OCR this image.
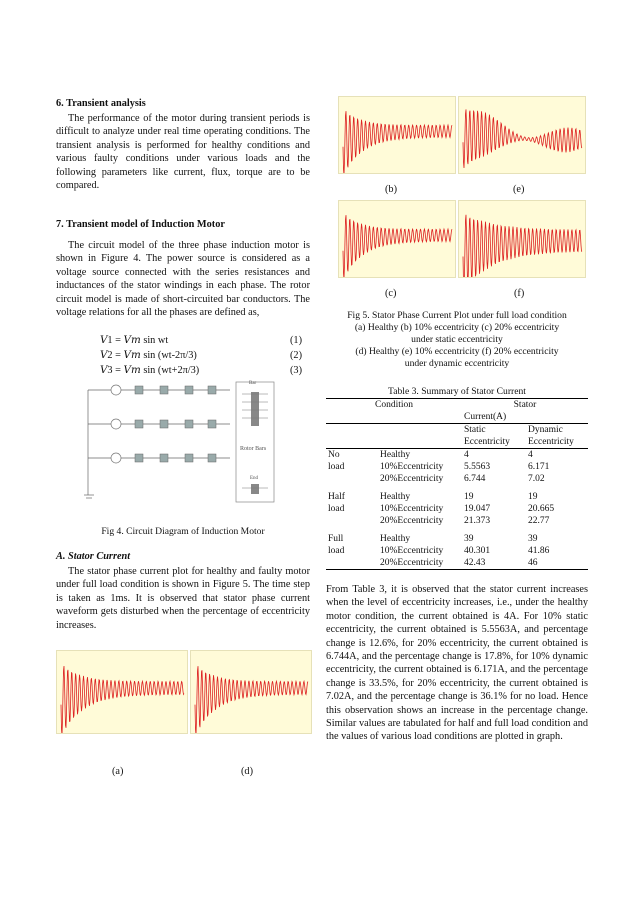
6. Transient analysis

The performance of the motor during transient periods is difficult to analyze under real time operating conditions. The transient analysis is performed for healthy conditions and various faulty conditions under various loads and the following parameters like current, flux, torque are to be compared.

7. Transient model of Induction Motor

The circuit model of the three phase induction motor is shown in Figure 4. The power source is considered as a voltage source connected with the series resistances and inductances of the stator windings in each phase. The rotor circuit model is made of short-circuited bar conductors. The voltage relations for all the phases are defined as,

𝑉1 = 𝑉𝑚 sin wt	(1)
𝑉2 = 𝑉𝑚 sin (wt-2π/3)	(2)
𝑉3 = 𝑉𝑚 sin (wt+2π/3)	(3)
Bar
Rotor Bars
End
Fig 4. Circuit Diagram of Induction Motor
A. Stator Current

The stator phase current plot for healthy and faulty motor under full load condition is shown in Figure 5. The time step is taken as 1ms. It is observed that stator phase current waveform gets disturbed when the percentage of eccentricity increases.

(a)	(d)
(b)	(e)
(c)	(f)
Fig 5. Stator Phase Current Plot under full load condition
(a) Healthy (b) 10% eccentricity (c) 20% eccentricity
under static eccentricity
(d) Healthy (e) 10% eccentricity (f) 20% eccentricity
under dynamic eccentricity
Table 3. Summary of Stator Current
Condition		Stator	
		Current(A)	
		Static	Dynamic
		Eccentricity	Eccentricity
No	Healthy	4	4
load	10%Eccentricity	5.5563	6.171
	20%Eccentricity	6.744	7.02

Half	Healthy	19	19
load	10%Eccentricity	19.047	20.665
	20%Eccentricity	21.373	22.77

Full	Healthy	39	39
load	10%Eccentricity	40.301	41.86
	20%Eccentricity	42.43	46

From Table 3, it is observed that the stator current increases when the level of eccentricity increases, i.e., under the healthy motor condition, the current obtained is 4A. For 10% static eccentricity, the current obtained is 5.5563A, and percentage change is 12.6%, for 20% eccentricity, the current obtained is 6.744A, and the percentage change is 17.8%, for 10% dynamic eccentricity, the current obtained is 6.171A, and the percentage change is 33.5%, for 20% eccentricity, the current obtained is 7.02A, and the percentage change is 36.1% for no load. Hence this observation shows an increase in the percentage change. Similar values are tabulated for half and full load condition and the values of various load conditions are plotted in graph.
